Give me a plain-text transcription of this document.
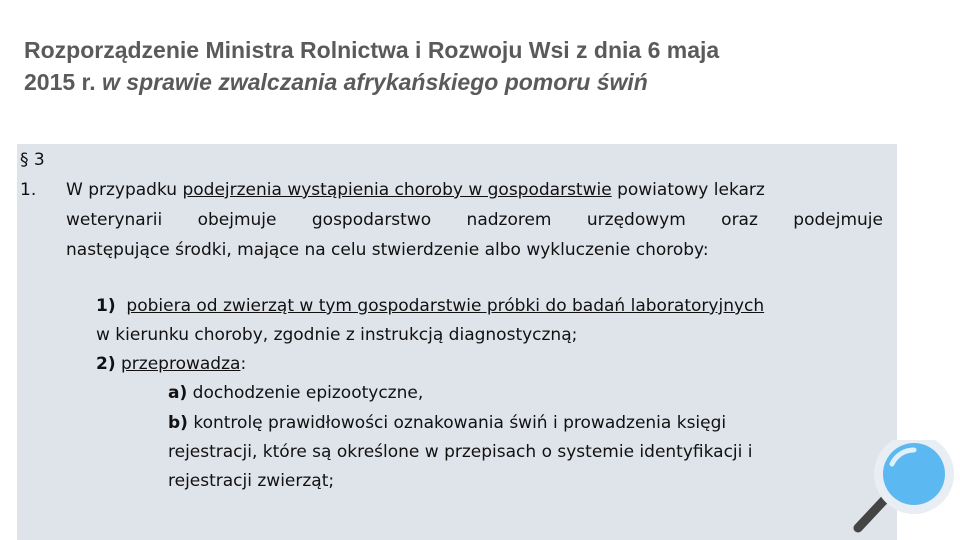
Rozporządzenie Ministra Rolnictwa i Rozwoju Wsi z dnia 6 maja
2015 r. w sprawie zwalczania afrykańskiego pomoru świń
§ 3
1. W przypadku podejrzenia wystąpienia choroby w gospodarstwie powiatowy lekarz
weterynarii obejmuje gospodarstwo nadzorem urzędowym oraz podejmuje
następujące środki, mające na celu stwierdzenie albo wykluczenie choroby:
1) pobiera od zwierząt w tym gospodarstwie próbki do badań laboratoryjnych
w kierunku choroby, zgodnie z instrukcją diagnostyczną;
2) przeprowadza:
a) dochodzenie epizootyczne,
b) kontrolę prawidłowości oznakowania świń i prowadzenia księgi
rejestracji, które są określone w przepisach o systemie identyfikacji i
rejestracji zwierząt;
